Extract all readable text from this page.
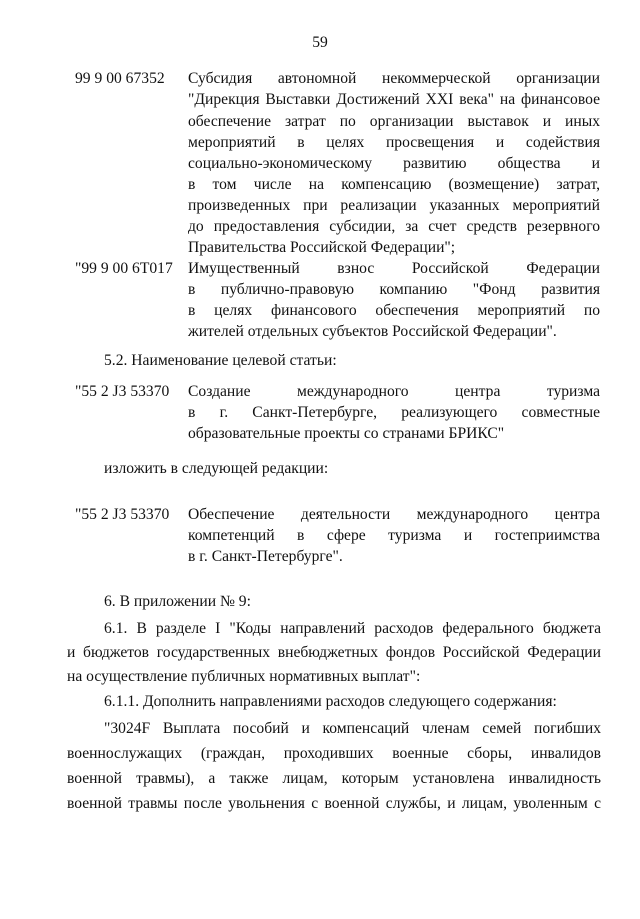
59
99 9 00 67352 Субсидия автономной некоммерческой организации
"Дирекция Выставки Достижений XXI века" на финансовое
обеспечение затрат по организации выставок и иных
мероприятий в целях просвещения и содействия
социально-экономическому развитию общества и
в том числе на компенсацию (возмещение) затрат,
произведенных при реализации указанных мероприятий
до предоставления субсидии, за счет средств резервного
Правительства Российской Федерации";
"99 9 00 6Т017 Имущественный взнос Российской Федерации
в публично-правовую компанию "Фонд развития
в целях финансового обеспечения мероприятий по
жителей отдельных субъектов Российской Федерации".
5.2. Наименование целевой статьи:
"55 2 J3 53370 Создание международного центра туризма
в г. Санкт-Петербурге, реализующего совместные
образовательные проекты со странами БРИКС"
изложить в следующей редакции:
"55 2 J3 53370 Обеспечение деятельности международного центра
компетенций в сфере туризма и гостеприимства
в г. Санкт-Петербурге".
6. В приложении № 9:
6.1. В разделе I "Коды направлений расходов федерального бюджета
и бюджетов государственных внебюджетных фондов Российской Федерации
на осуществление публичных нормативных выплат":
6.1.1. Дополнить направлениями расходов следующего содержания:
"3024F Выплата пособий и компенсаций членам семей погибших
военнослужащих (граждан, проходивших военные сборы, инвалидов
военной травмы), а также лицам, которым установлена инвалидность
военной травмы после увольнения с военной службы, и лицам, уволенным с
